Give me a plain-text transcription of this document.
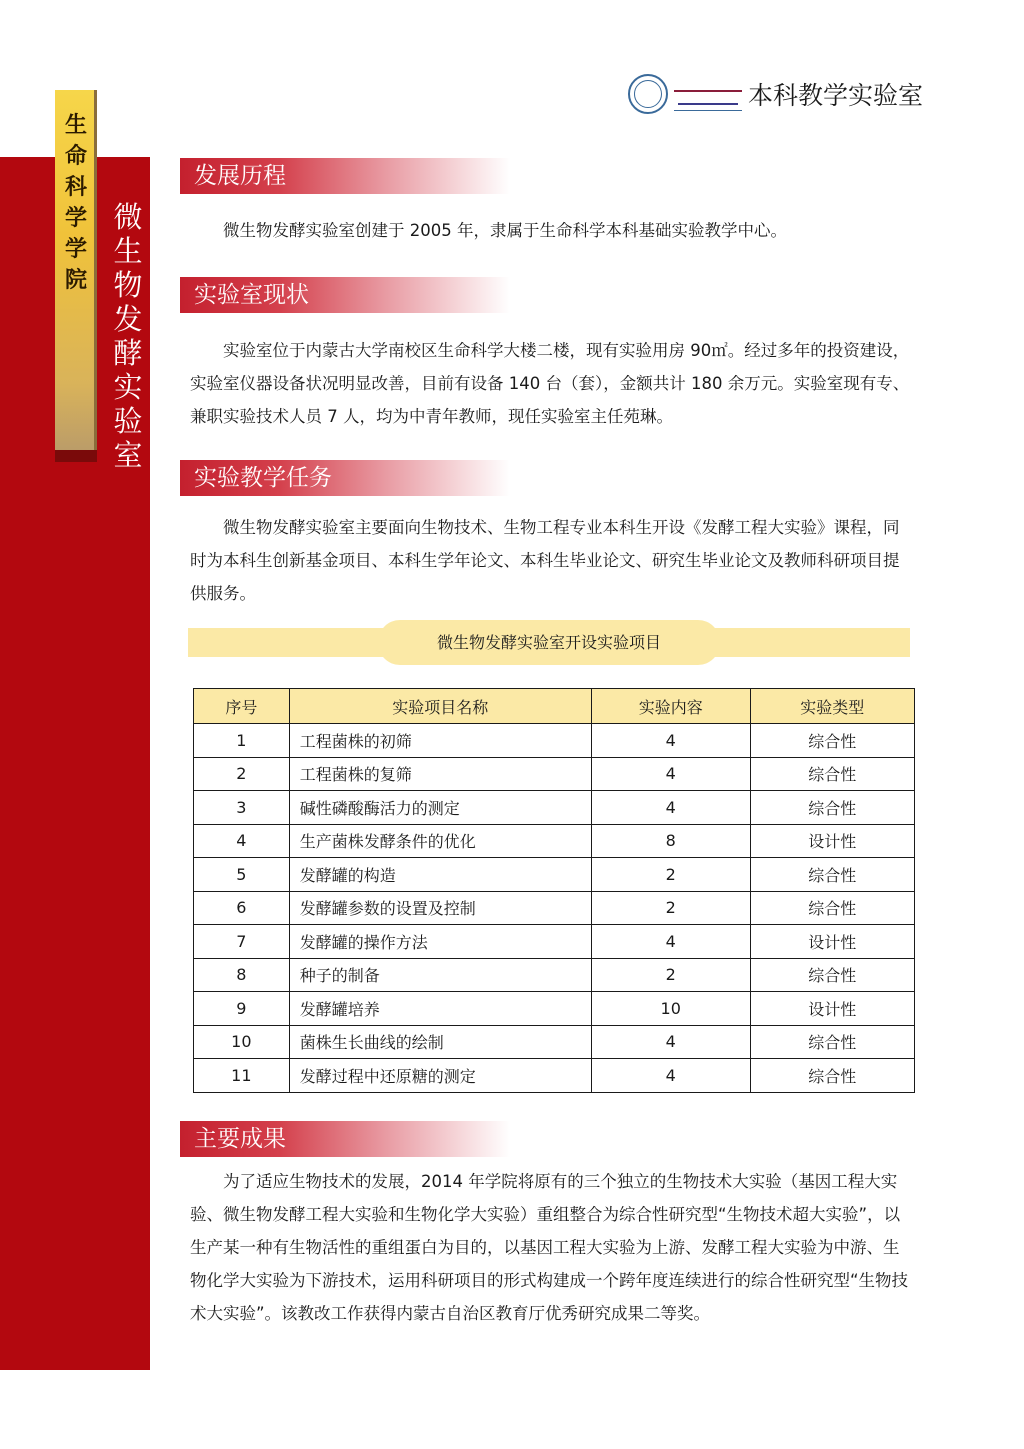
生命科学学院
微生物发酵实验室
本科教学实验室
发展历程

微生物发酵实验室创建于 2005 年，隶属于生命科学本科基础实验教学中心。

实验室现状

实验室位于内蒙古大学南校区生命科学大楼二楼，现有实验用房 90㎡。经过多年的投资建设，实验室仪器设备状况明显改善，目前有设备 140 台（套），金额共计 180 余万元。实验室现有专、兼职实验技术人员 7 人，均为中青年教师，现任实验室主任苑琳。

实验教学任务

微生物发酵实验室主要面向生物技术、生物工程专业本科生开设《发酵工程大实验》课程，同时为本科生创新基金项目、本科生学年论文、本科生毕业论文、研究生毕业论文及教师科研项目提供服务。

微生物发酵实验室开设实验项目
序号	实验项目名称	实验内容	实验类型
1	工程菌株的初筛	4	综合性
2	工程菌株的复筛	4	综合性
3	碱性磷酸酶活力的测定	4	综合性
4	生产菌株发酵条件的优化	8	设计性
5	发酵罐的构造	2	综合性
6	发酵罐参数的设置及控制	2	综合性
7	发酵罐的操作方法	4	设计性
8	种子的制备	2	综合性
9	发酵罐培养	10	设计性
10	菌株生长曲线的绘制	4	综合性
11	发酵过程中还原糖的测定	4	综合性
主要成果

为了适应生物技术的发展，2014 年学院将原有的三个独立的生物技术大实验（基因工程大实验、微生物发酵工程大实验和生物化学大实验）重组整合为综合性研究型“生物技术超大实验”，以生产某一种有生物活性的重组蛋白为目的，以基因工程大实验为上游、发酵工程大实验为中游、生物化学大实验为下游技术，运用科研项目的形式构建成一个跨年度连续进行的综合性研究型“生物技术大实验”。该教改工作获得内蒙古自治区教育厅优秀研究成果二等奖。
